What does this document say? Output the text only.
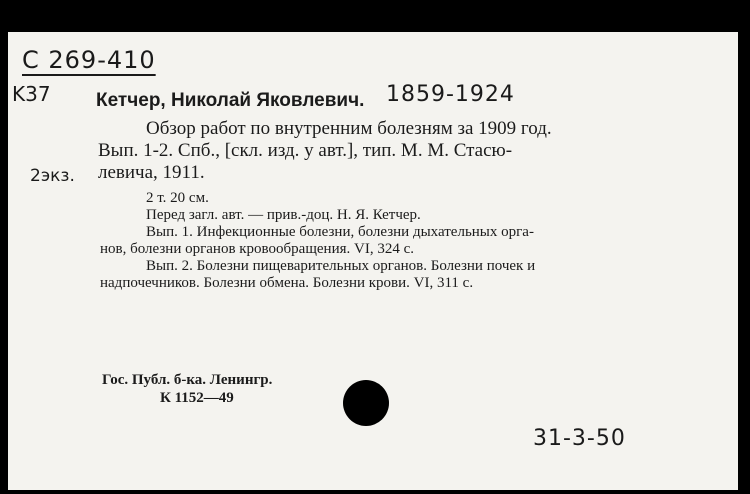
C 269-410
K37 Кетчер, Николай Яковлевич. 1859-1924
Обзор работ по внутренним болезням за 1909 год.
Вып. 1-2. Спб., [скл. изд. у авт.], тип. М. М. Стасю-
левича, 1911.
2экз.
2 т. 20 см.
Перед загл. авт. — прив.-доц. Н. Я. Кетчер.
Вып. 1. Инфекционные болезни, болезни дыхательных орга-
нов, болезни органов кровообращения. VI, 324 с.
Вып. 2. Болезни пищеварительных органов. Болезни почек и
надпочечников. Болезни обмена. Болезни крови. VI, 311 с.
Гос. Публ. б-ка. Ленингр.
К 1152—49
31-3-50
